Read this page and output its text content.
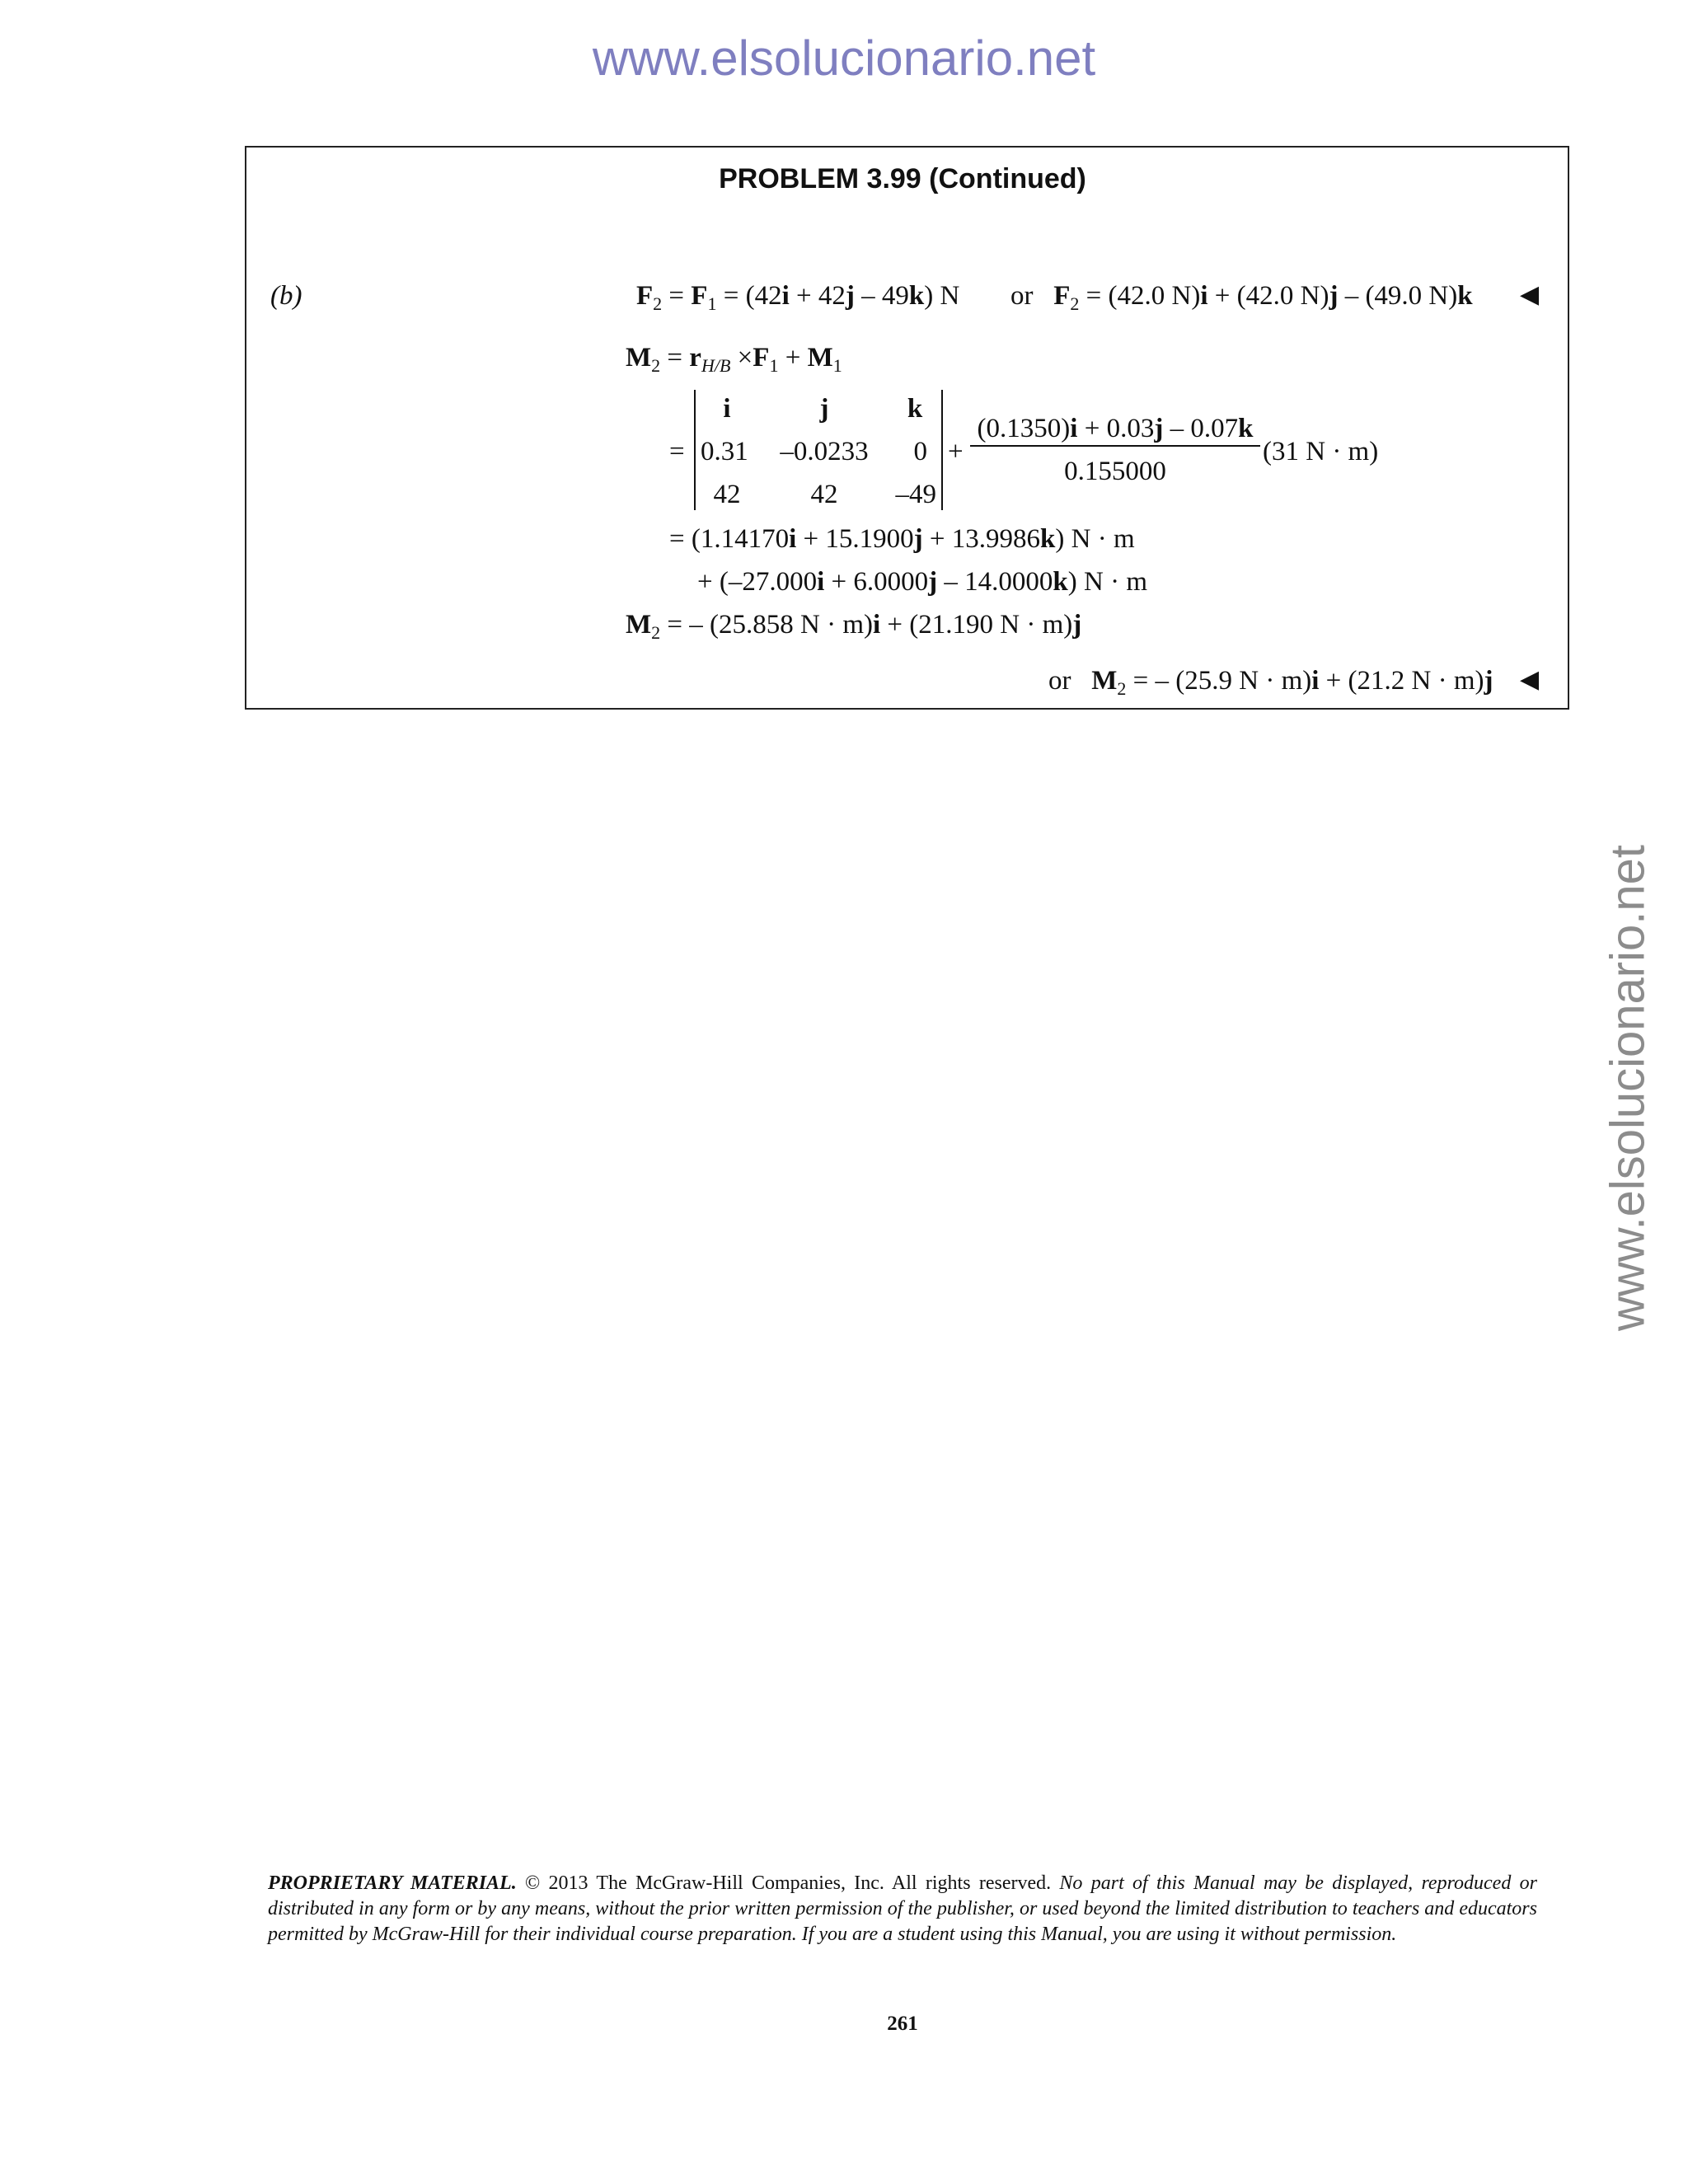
www.elsolucionario.net
www.elsolucionario.net
PROBLEM 3.99 (Continued)
(b)	$F_2 = F_1 = (42i + 42j - 49k)$ N or $F_2 = (42.0$ N)i + (42.0 N)j – (49.0 N)k ◀
$M_2 = r_{H/B} \times F_1 + M_1$
=
i	j	k
0.31	–0.0233	0
42	42	–49
+
(0.1350)i + 0.03j – 0.07k
0.155000
(31 N · m)
= (1.14170i + 15.1900j + 13.9986k) N · m
+ (–27.000i + 6.0000j – 14.0000k) N · m
$M_2$ = – (25.858 N · m)i + (21.190 N · m)j
or $M_2$ = – (25.9 N · m)i + (21.2 N · m)j ◀
PROPRIETARY MATERIAL. © 2013 The McGraw-Hill Companies, Inc. All rights reserved. No part of this Manual may be displayed, reproduced or distributed in any form or by any means, without the prior written permission of the publisher, or used beyond the limited distribution to teachers and educators permitted by McGraw-Hill for their individual course preparation. If you are a student using this Manual, you are using it without permission.
261
